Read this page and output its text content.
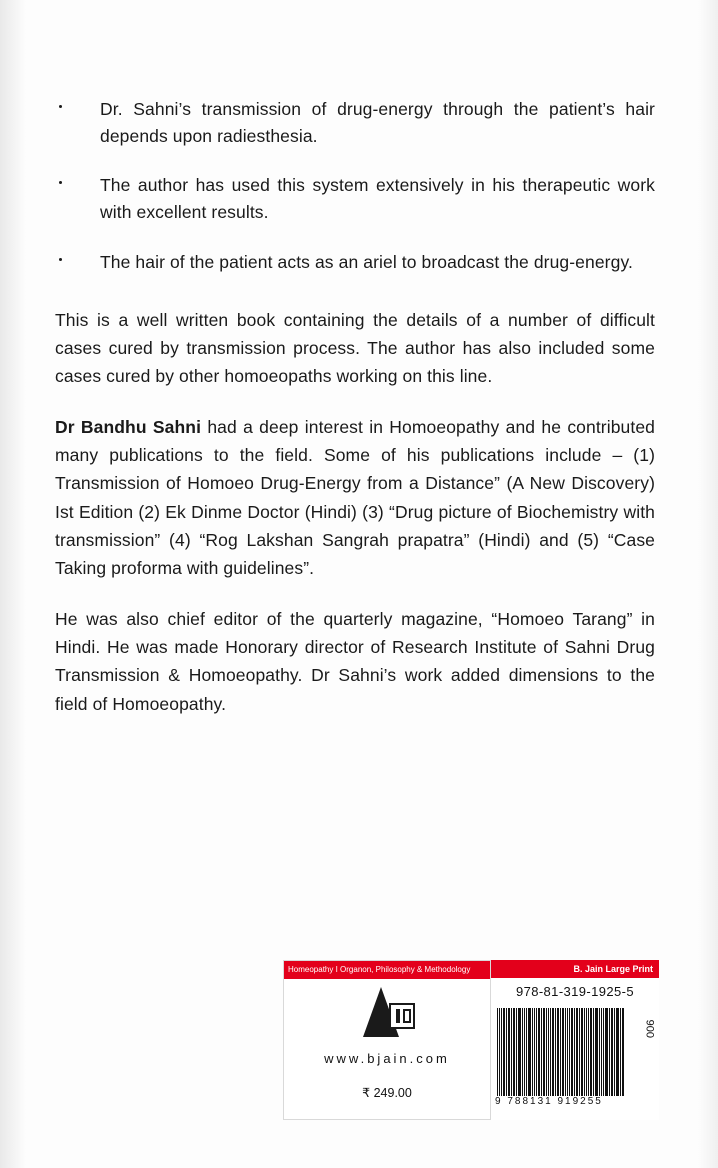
Dr. Sahni’s transmission of drug-energy through the patient’s hair depends upon radiesthesia.
The author has used this system extensively in his therapeutic work with excellent results.
The hair of the patient acts as an ariel to broadcast the drug-energy.

This is a well written book containing the details of a number of difficult cases cured by transmission process. The author has also included some cases cured by other homoeopaths working on this line.

Dr Bandhu Sahni had a deep interest in Homoeopathy and he contributed many publications to the field. Some of his publications include – (1) Transmission of Homoeo Drug-Energy from a Distance” (A New Discovery) Ist Edition (2) Ek Dinme Doctor (Hindi) (3) “Drug picture of Biochemistry with transmission” (4) “Rog Lakshan Sangrah prapatra” (Hindi) and (5) “Case Taking proforma with guidelines”.

He was also chief editor of the quarterly magazine, “Homoeo Tarang” in Hindi. He was made Honorary director of Research Institute of Sahni Drug Transmission & Homoeopathy. Dr Sahni’s work added dimensions to the field of Homoeopathy.

Homeopathy I Organon, Philosophy & Methodology
www.bjain.com
₹ 249.00
B. Jain Large Print
978-81-319-1925-5
9 788131 919255
900
